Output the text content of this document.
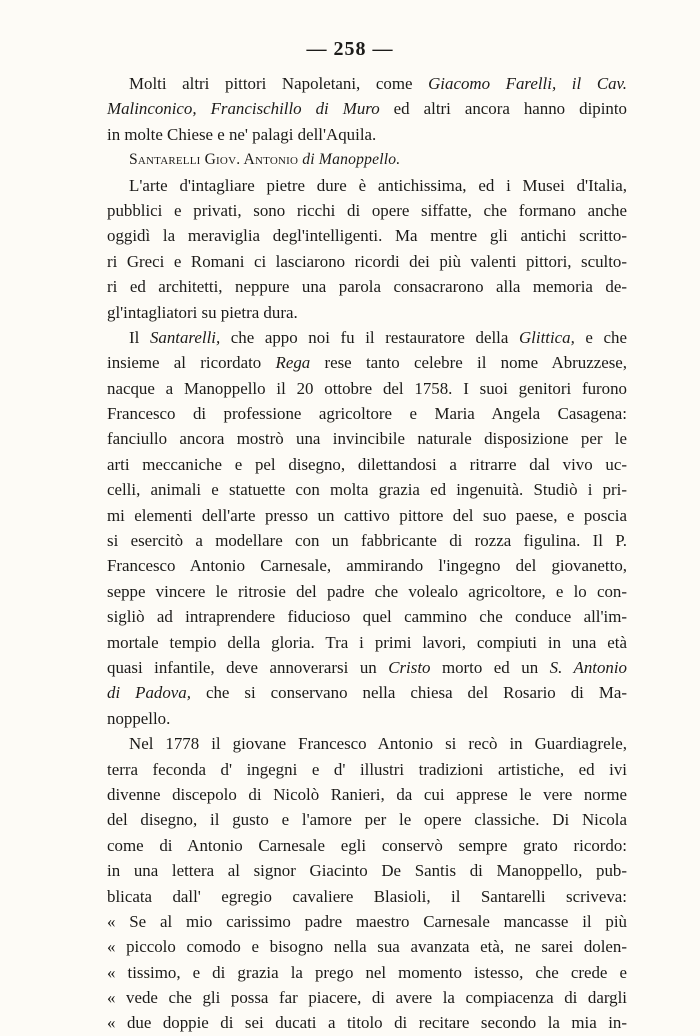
— 258 —
Molti altri pittori Napoletani, come Giacomo Farelli, il Cav.
Malinconico, Francischillo di Muro ed altri ancora hanno dipinto
in molte Chiese e ne' palagi dell'Aquila.
Santarelli Giov. Antonio di Manoppello.
L'arte d'intagliare pietre dure è antichissima, ed i Musei d'Italia,
pubblici e privati, sono ricchi di opere siffatte, che formano anche
oggidì la meraviglia degl'intelligenti. Ma mentre gli antichi scritto-
ri Greci e Romani ci lasciarono ricordi dei più valenti pittori, sculto-
ri ed architetti, neppure una parola consacrarono alla memoria de-
gl'intagliatori su pietra dura.
Il Santarelli, che appo noi fu il restauratore della Glittica, e che
insieme al ricordato Rega rese tanto celebre il nome Abruzzese,
nacque a Manoppello il 20 ottobre del 1758. I suoi genitori furono
Francesco di professione agricoltore e Maria Angela Casagena:
fanciullo ancora mostrò una invincibile naturale disposizione per le
arti meccaniche e pel disegno, dilettandosi a ritrarre dal vivo uc-
celli, animali e statuette con molta grazia ed ingenuità. Studiò i pri-
mi elementi dell'arte presso un cattivo pittore del suo paese, e poscia
si esercitò a modellare con un fabbricante di rozza figulina. Il P.
Francesco Antonio Carnesale, ammirando l'ingegno del giovanetto,
seppe vincere le ritrosie del padre che volealo agricoltore, e lo con-
sigliò ad intraprendere fiducioso quel cammino che conduce all'im-
mortale tempio della gloria. Tra i primi lavori, compiuti in una età
quasi infantile, deve annoverarsi un Cristo morto ed un S. Antonio
di Padova, che si conservano nella chiesa del Rosario di Ma-
noppello.
Nel 1778 il giovane Francesco Antonio si recò in Guardiagrele,
terra feconda d' ingegni e d' illustri tradizioni artistiche, ed ivi
divenne discepolo di Nicolò Ranieri, da cui apprese le vere norme
del disegno, il gusto e l'amore per le opere classiche. Di Nicola
come di Antonio Carnesale egli conservò sempre grato ricordo:
in una lettera al signor Giacinto De Santis di Manoppello, pub-
blicata dall' egregio cavaliere Blasioli, il Santarelli scriveva:
« Se al mio carissimo padre maestro Carnesale mancasse il più
« piccolo comodo e bisogno nella sua avanzata età, ne sarei dolen-
« tissimo, e di grazia la prego nel momento istesso, che crede e
« vede che gli possa far piacere, di avere la compiacenza di dargli
« due doppie di sei ducati a titolo di recitare secondo la mia in-
